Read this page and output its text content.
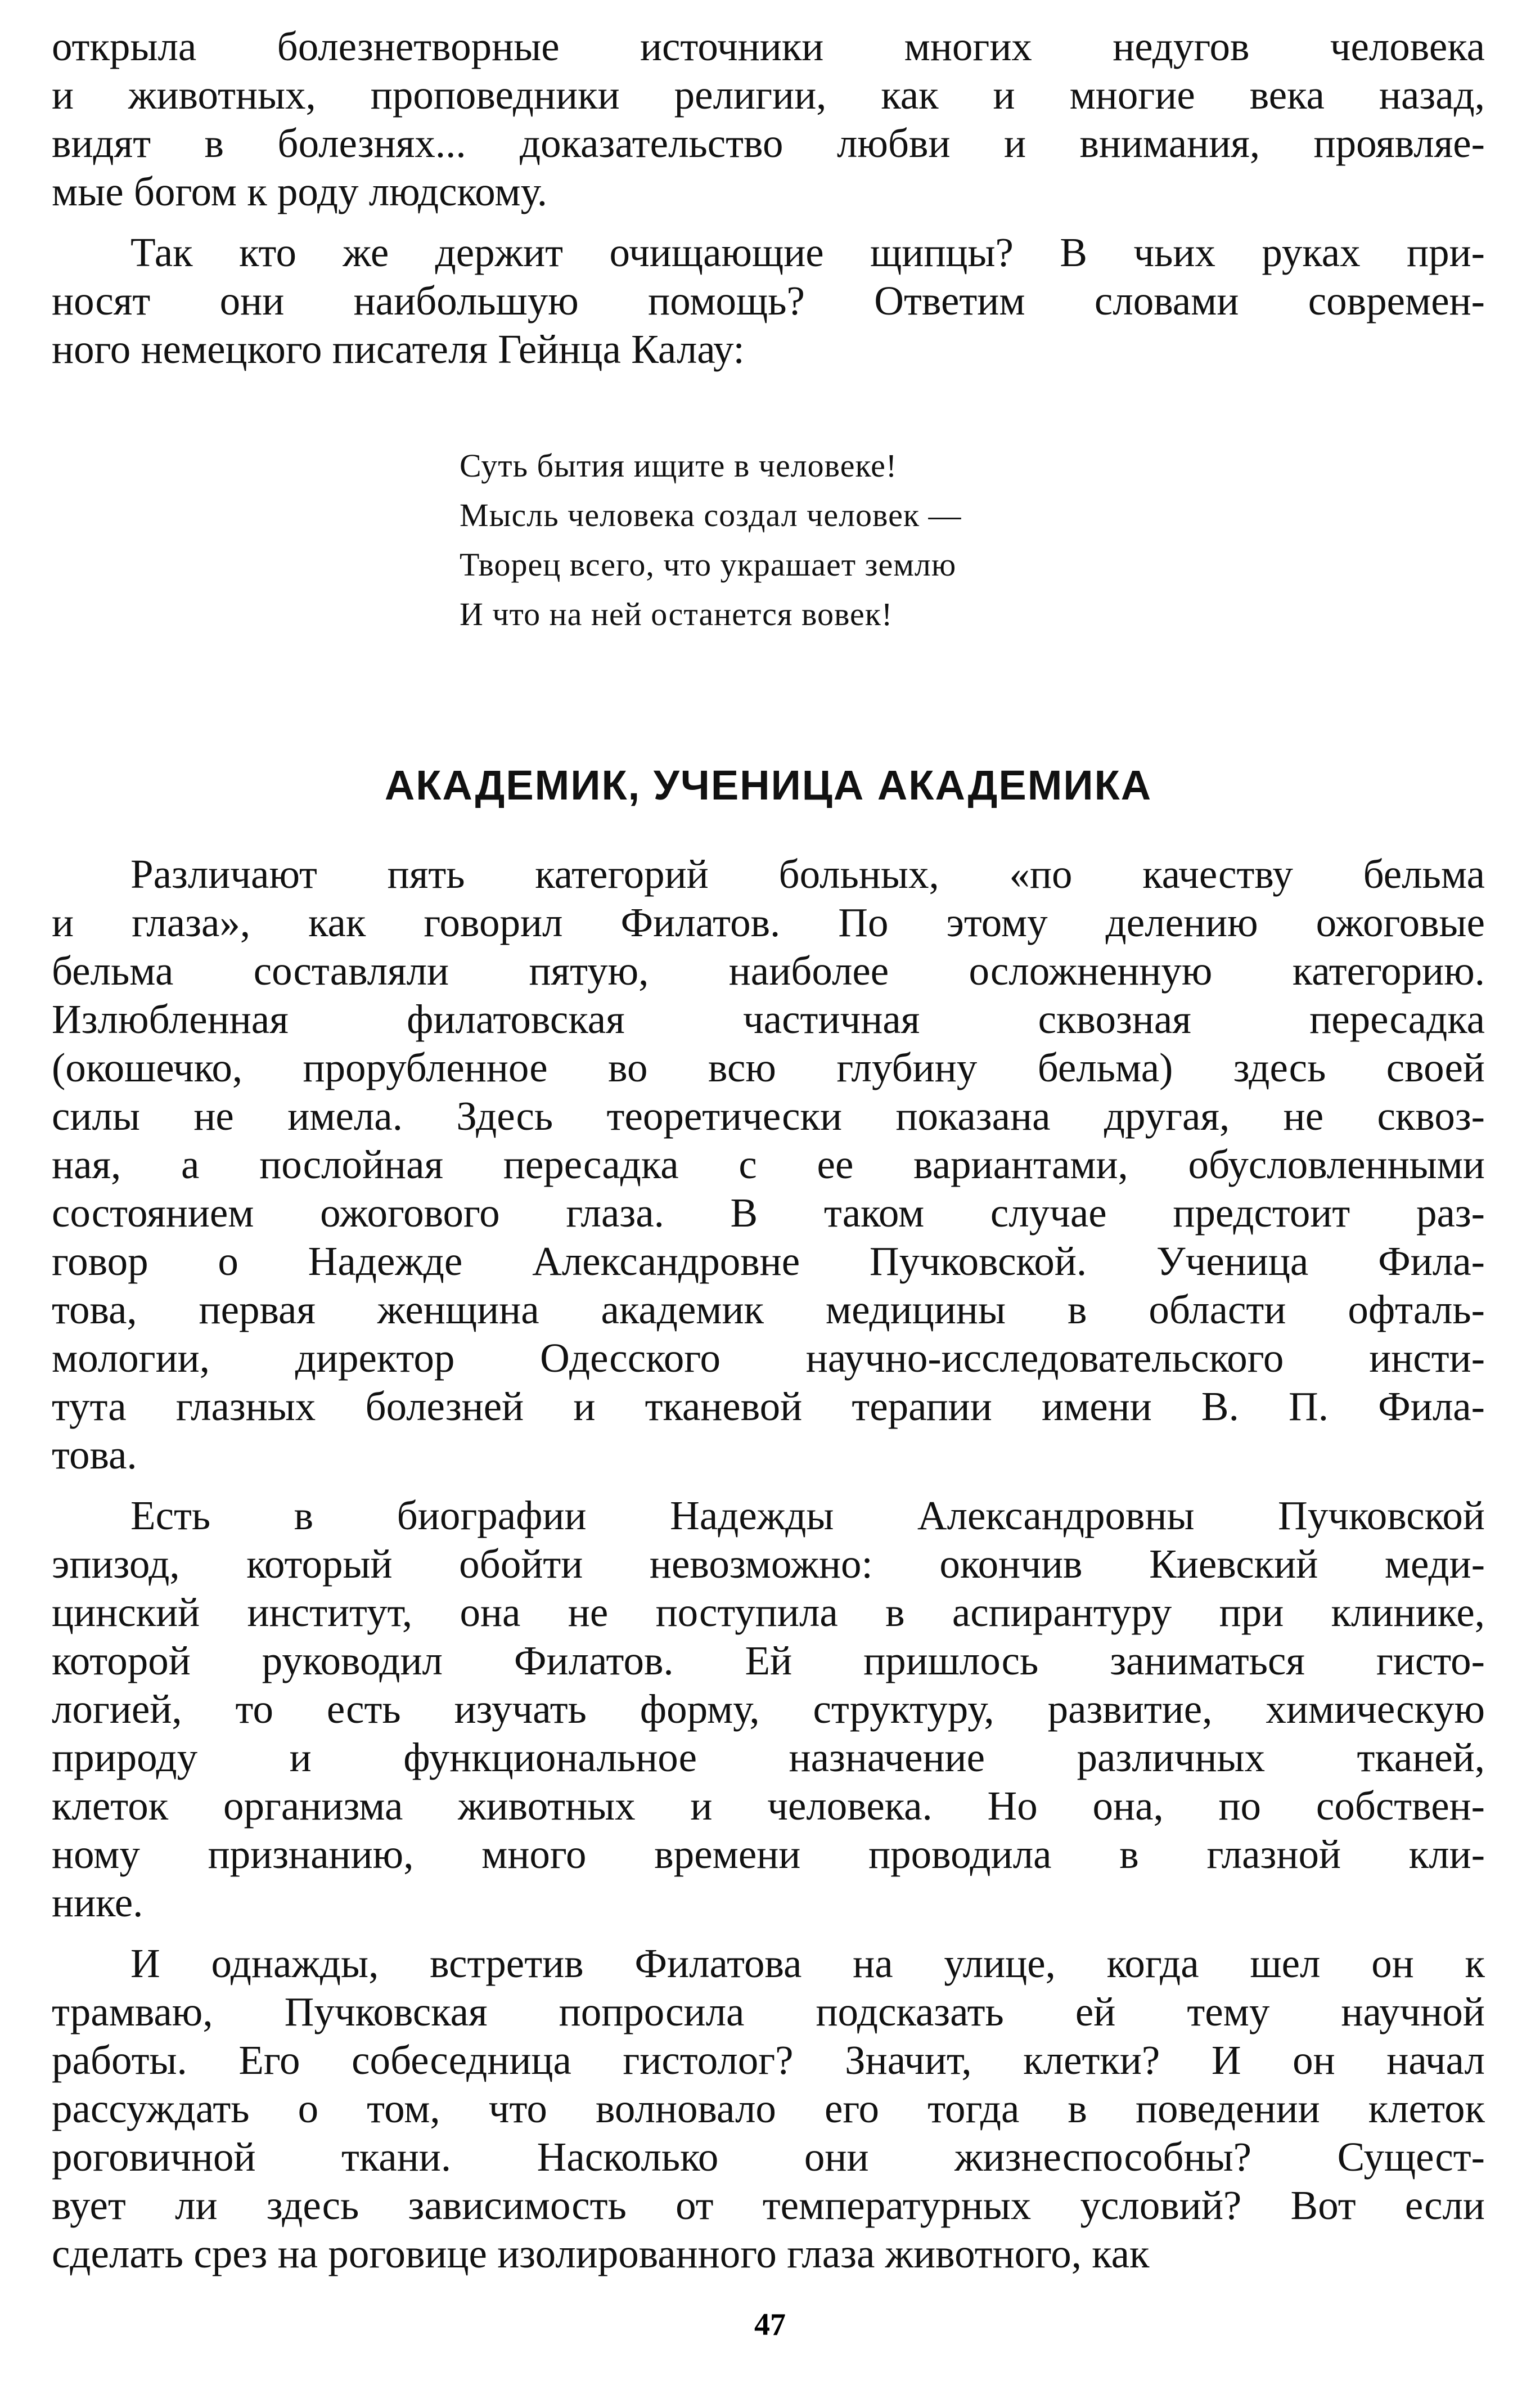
открыла болезнетворные источники многих недугов человека
и животных, проповедники религии, как и многие века назад,
видят в болезнях... доказательство любви и внимания, проявляе-
мые богом к роду людскому.

Так кто же держит очищающие щипцы? В чьих руках при-
носят они наибольшую помощь? Ответим словами современ-
ного немецкого писателя Гейнца Калау:

Суть бытия ищите в человеке!
Мысль человека создал человек —
Творец всего, что украшает землю
И что на ней останется вовек!
АКАДЕМИК, УЧЕНИЦА АКАДЕМИКА

Различают пять категорий больных, «по качеству бельма
и глаза», как говорил Филатов. По этому делению ожоговые
бельма составляли пятую, наиболее осложненную категорию.
Излюбленная филатовская частичная сквозная пересадка
(окошечко, прорубленное во всю глубину бельма) здесь своей
силы не имела. Здесь теоретически показана другая, не сквоз-
ная, а послойная пересадка с ее вариантами, обусловленными
состоянием ожогового глаза. В таком случае предстоит раз-
говор о Надежде Александровне Пучковской. Ученица Фила-
това, первая женщина академик медицины в области офталь-
мологии, директор Одесского научно-исследовательского инсти-
тута глазных болезней и тканевой терапии имени В. П. Фила-
това.

Есть в биографии Надежды Александровны Пучковской
эпизод, который обойти невозможно: окончив Киевский меди-
цинский институт, она не поступила в аспирантуру при клинике,
которой руководил Филатов. Ей пришлось заниматься гисто-
логией, то есть изучать форму, структуру, развитие, химическую
природу и функциональное назначение различных тканей,
клеток организма животных и человека. Но она, по собствен-
ному признанию, много времени проводила в глазной кли-
нике.

И однажды, встретив Филатова на улице, когда шел он к
трамваю, Пучковская попросила подсказать ей тему научной
работы. Его собеседница гистолог? Значит, клетки? И он начал
рассуждать о том, что волновало его тогда в поведении клеток
роговичной ткани. Насколько они жизнеспособны? Сущест-
вует ли здесь зависимость от температурных условий? Вот если
сделать срез на роговице изолированного глаза животного, как

47
